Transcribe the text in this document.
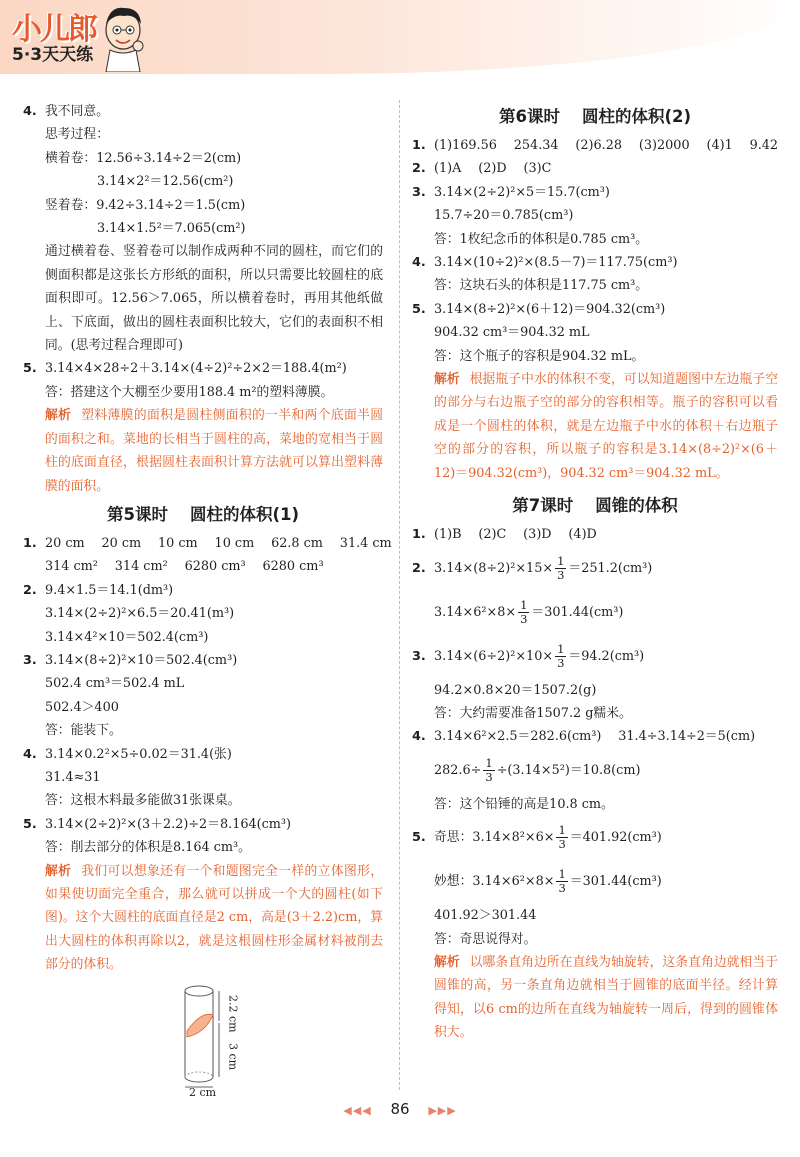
小儿郎
5·3天天练
4. 我不同意。
思考过程：
横着卷：12.56÷3.14÷2＝2(cm)
3.14×2²＝12.56(cm²)
竖着卷：9.42÷3.14÷2＝1.5(cm)
3.14×1.5²＝7.065(cm²)
通过横着卷、竖着卷可以制作成两种不同的圆柱，而它们的侧面积都是这张长方形纸的面积，所以只需要比较圆柱的底面积即可。12.56＞7.065，所以横着卷时，再用其他纸做上、下底面，做出的圆柱表面积比较大，它们的表面积不相同。(思考过程合理即可)
5. 3.14×4×28÷2＋3.14×(4÷2)²÷2×2＝188.4(m²)
答：搭建这个大棚至少要用188.4 m²的塑料薄膜。
解析 塑料薄膜的面积是圆柱侧面积的一半和两个底面半圆的面积之和。菜地的长相当于圆柱的高，菜地的宽相当于圆柱的底面直径，根据圆柱表面积计算方法就可以算出塑料薄膜的面积。
第5课时 圆柱的体积(1)
1. 20 cm　 20 cm　 10 cm　 10 cm　 62.8 cm　 31.4 cm
314 cm²　 314 cm²　 6280 cm³　 6280 cm³
2. 9.4×1.5＝14.1(dm³)
3.14×(2÷2)²×6.5＝20.41(m³)
3.14×4²×10＝502.4(cm³)
3. 3.14×(8÷2)²×10＝502.4(cm³)
502.4 cm³＝502.4 mL
502.4＞400
答：能装下。
4. 3.14×0.2²×5÷0.02＝31.4(张)
31.4≈31
答：这根木料最多能做31张课桌。
5. 3.14×(2÷2)²×(3＋2.2)÷2＝8.164(cm³)
答：削去部分的体积是8.164 cm³。
解析 我们可以想象还有一个和题图完全一样的立体图形，如果使切面完全重合，那么就可以拼成一个大的圆柱(如下图)。这个大圆柱的底面直径是2 cm，高是(3＋2.2)cm，算出大圆柱的体积再除以2，就是这根圆柱形金属材料被削去部分的体积。
2.2 cm
3 cm
2 cm
第6课时 圆柱的体积(2)
1. (1)169.56　 254.34　 (2)6.28　 (3)2000　 (4)1　 9.42
2. (1)A　 (2)D　 (3)C
3. 3.14×(2÷2)²×5＝15.7(cm³)
15.7÷20＝0.785(cm³)
答：1枚纪念币的体积是0.785 cm³。
4. 3.14×(10÷2)²×(8.5－7)＝117.75(cm³)
答：这块石头的体积是117.75 cm³。
5. 3.14×(8÷2)²×(6＋12)＝904.32(cm³)
904.32 cm³＝904.32 mL
答：这个瓶子的容积是904.32 mL。
解析 根据瓶子中水的体积不变，可以知道题图中左边瓶子空的部分与右边瓶子空的部分的容积相等。瓶子的容积可以看成是一个圆柱的体积，就是左边瓶子中水的体积＋右边瓶子空的部分的容积，所以瓶子的容积是3.14×(8÷2)²×(6＋12)＝904.32(cm³)，904.32 cm³＝904.32 mL。
第7课时 圆锥的体积
1. (1)B　 (2)C　 (3)D　 (4)D
2. $3.14\times(8\div 2)^2\times 15\times \frac{1}{3} =251.2(cm^3)$
$3.14\times 6^2\times 8\times \frac{1}{3} =301.44(cm^3)$
3. $3.14\times(6\div 2)^2\times 10\times \frac{1}{3} =94.2(cm^3)$
94.2×0.8×20＝1507.2(g)
答：大约需要准备1507.2 g糯米。
4. 3.14×6²×2.5＝282.6(cm³)　 31.4÷3.14÷2＝5(cm)
$282.6\div \frac{1}{3} \div(3.14\times 5^2)=10.8(cm)$
答：这个铅锤的高是10.8 cm。
5. 奇思：$3.14\times 8^2\times 6\times \frac{1}{3} =401.92(cm^3)$
妙想：$3.14\times 6^2\times 8\times \frac{1}{3} =301.44(cm^3)$
401.92＞301.44
答：奇思说得对。
解析 以哪条直角边所在直线为轴旋转，这条直角边就相当于圆锥的高，另一条直角边就相当于圆锥的底面半径。经计算得知，以6 cm的边所在直线为轴旋转一周后，得到的圆锥体积大。
◀◀◀ 86 ▶▶▶
